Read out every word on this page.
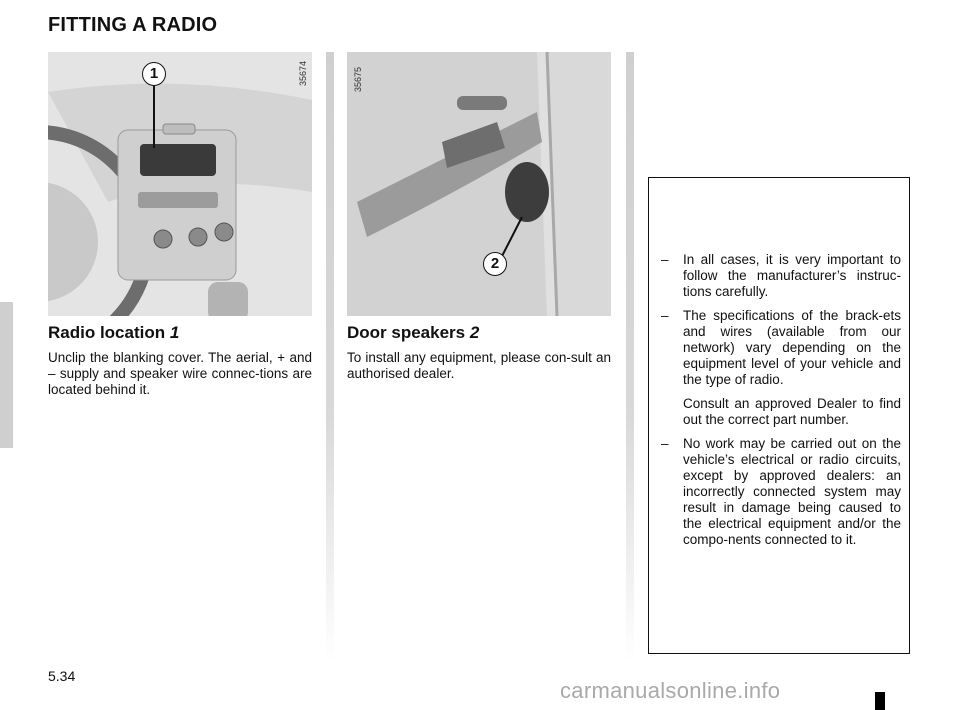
FITTING A RADIO
35674
1	35675
2
Radio location 1
Unclip the blanking cover. The aerial, + and – supply and speaker wire connec-tions are located behind it.
Door speakers 2
To install any equipment, please con-sult an authorised dealer.
– In all cases, it is very important to follow the manufacturer’s instruc-tions carefully.

– The specifications of the brack-ets and wires (available from our network) vary depending on the equipment level of your vehicle and the type of radio.

Consult an approved Dealer to find out the correct part number.

– No work may be carried out on the vehicle’s electrical or radio circuits, except by approved dealers: an incorrectly connected system may result in damage being caused to the electrical equipment and/or the compo-nents connected to it.

5.34
carmanualsonline.info
